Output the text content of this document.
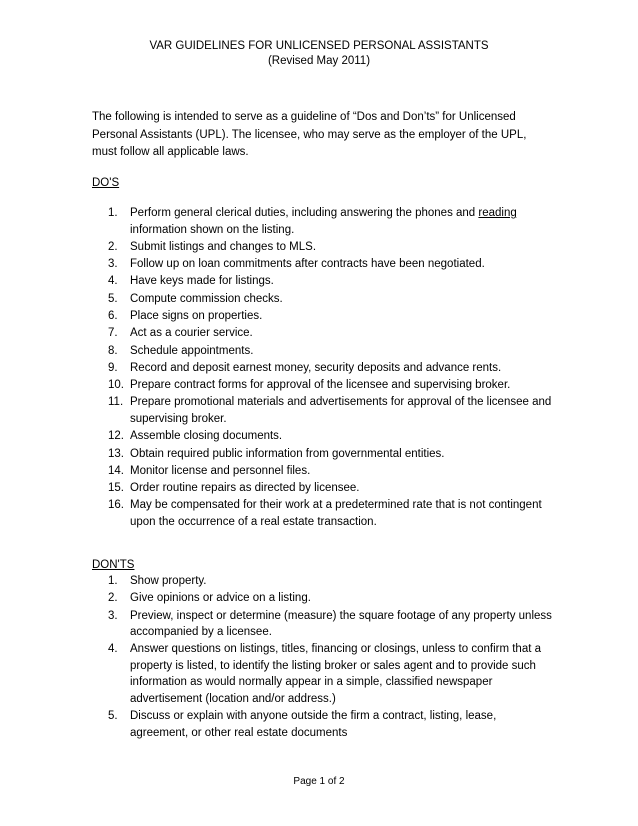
VAR GUIDELINES FOR UNLICENSED PERSONAL ASSISTANTS
(Revised May 2011)
The following is intended to serve as a guideline of “Dos and Don’ts” for Unlicensed Personal Assistants (UPL). The licensee, who may serve as the employer of the UPL, must follow all applicable laws.
DO'S
1.	Perform general clerical duties, including answering the phones and reading information shown on the listing.
2.	Submit listings and changes to MLS.
3.	Follow up on loan commitments after contracts have been negotiated.
4.	Have keys made for listings.
5.	Compute commission checks.
6.	Place signs on properties.
7.	Act as a courier service.
8.	Schedule appointments.
9.	Record and deposit earnest money, security deposits and advance rents.
10. Prepare contract forms for approval of the licensee and supervising broker.
11. Prepare promotional materials and advertisements for approval of the licensee and supervising broker.
12. Assemble closing documents.
13. Obtain required public information from governmental entities.
14. Monitor license and personnel files.
15. Order routine repairs as directed by licensee.
16. May be compensated for their work at a predetermined rate that is not contingent upon the occurrence of a real estate transaction.
DON'TS
1.	Show property.
2.	Give opinions or advice on a listing.
3.	Preview, inspect or determine (measure) the square footage of any property unless accompanied by a licensee.
4.	Answer questions on listings, titles, financing or closings, unless to confirm that a property is listed, to identify the listing broker or sales agent and to provide such information as would normally appear in a simple, classified newspaper advertisement (location and/or address.)
5.	Discuss or explain with anyone outside the firm a contract, listing, lease, agreement, or other real estate documents
Page 1 of 2
